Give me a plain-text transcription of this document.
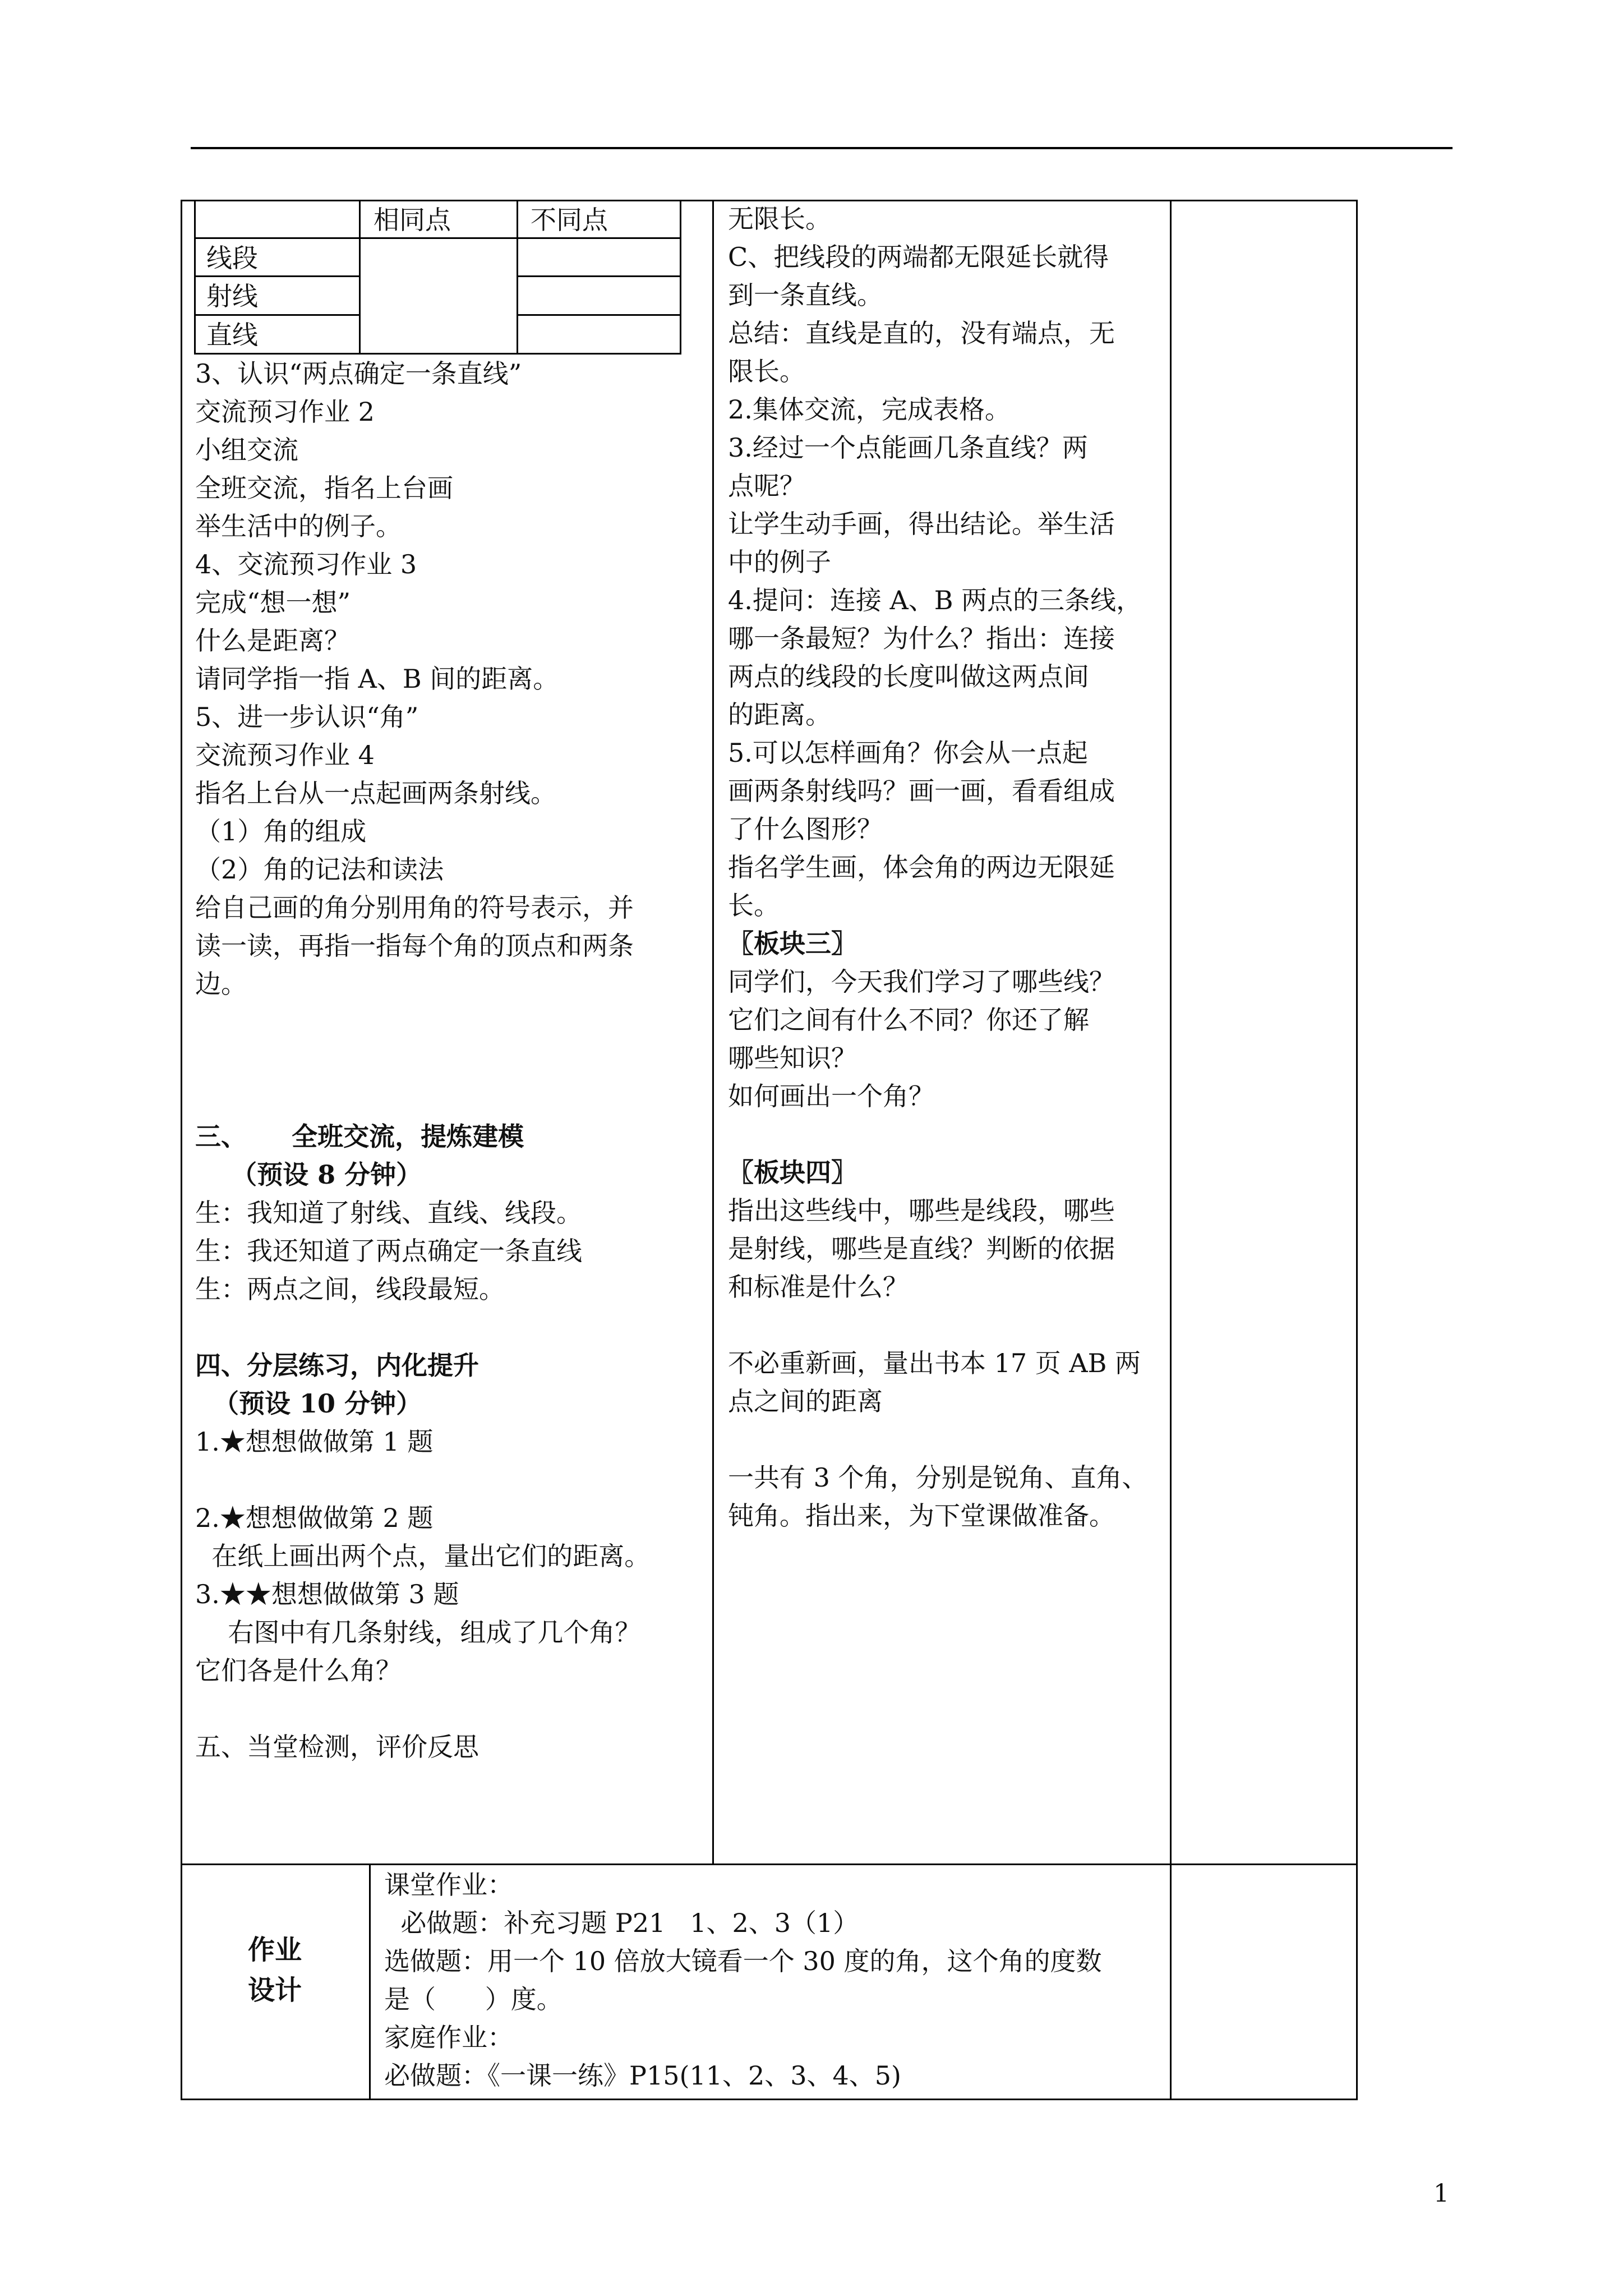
相同点	不同点
线段
射线
直线
3、认识“两点确定一条直线”
交流预习作业 2
小组交流
全班交流，指名上台画
举生活中的例子。
4、交流预习作业 3
完成“想一想”
什么是距离？
请同学指一指 A、B 间的距离。
5、进一步认识“角”
交流预习作业 4
指名上台从一点起画两条射线。
（1）角的组成
（2）角的记法和读法
给自己画的角分别用角的符号表示，并
读一读，再指一指每个角的顶点和两条
边。
三、     全班交流，提炼建模
（预设 8 分钟）
生：我知道了射线、直线、线段。
生：我还知道了两点确定一条直线
生：两点之间，线段最短。
四、分层练习，内化提升
（预设 10 分钟）
1.★想想做做第 1 题
2.★想想做做第 2 题
在纸上画出两个点，量出它们的距离。
3.★★想想做做第 3 题
右图中有几条射线，组成了几个角？
它们各是什么角？
五、当堂检测，评价反思
无限长。
C、把线段的两端都无限延长就得
到一条直线。
总结：直线是直的，没有端点，无
限长。
2.集体交流，完成表格。
3.经过一个点能画几条直线？两
点呢？
让学生动手画，得出结论。举生活
中的例子
4.提问：连接 A、B 两点的三条线，
哪一条最短？为什么？指出：连接
两点的线段的长度叫做这两点间
的距离。
5.可以怎样画角？你会从一点起
画两条射线吗？画一画，看看组成
了什么图形？
指名学生画，体会角的两边无限延
长。
〖板块三〗
同学们，今天我们学习了哪些线？
它们之间有什么不同？你还了解
哪些知识？
如何画出一个角？
〖板块四〗
指出这些线中，哪些是线段，哪些
是射线，哪些是直线？判断的依据
和标准是什么？
不必重新画，量出书本 17 页 AB 两
点之间的距离
一共有 3 个角，分别是锐角、直角、
钝角。指出来，为下堂课做准备。
作业
设计
课堂作业：
必做题：补充习题 P21   1、2、3（1）
选做题：用一个 10 倍放大镜看一个 30 度的角，这个角的度数
是（      ）度。
家庭作业：
必做题：《一课一练》P15(11、2、3、4、5)
1
